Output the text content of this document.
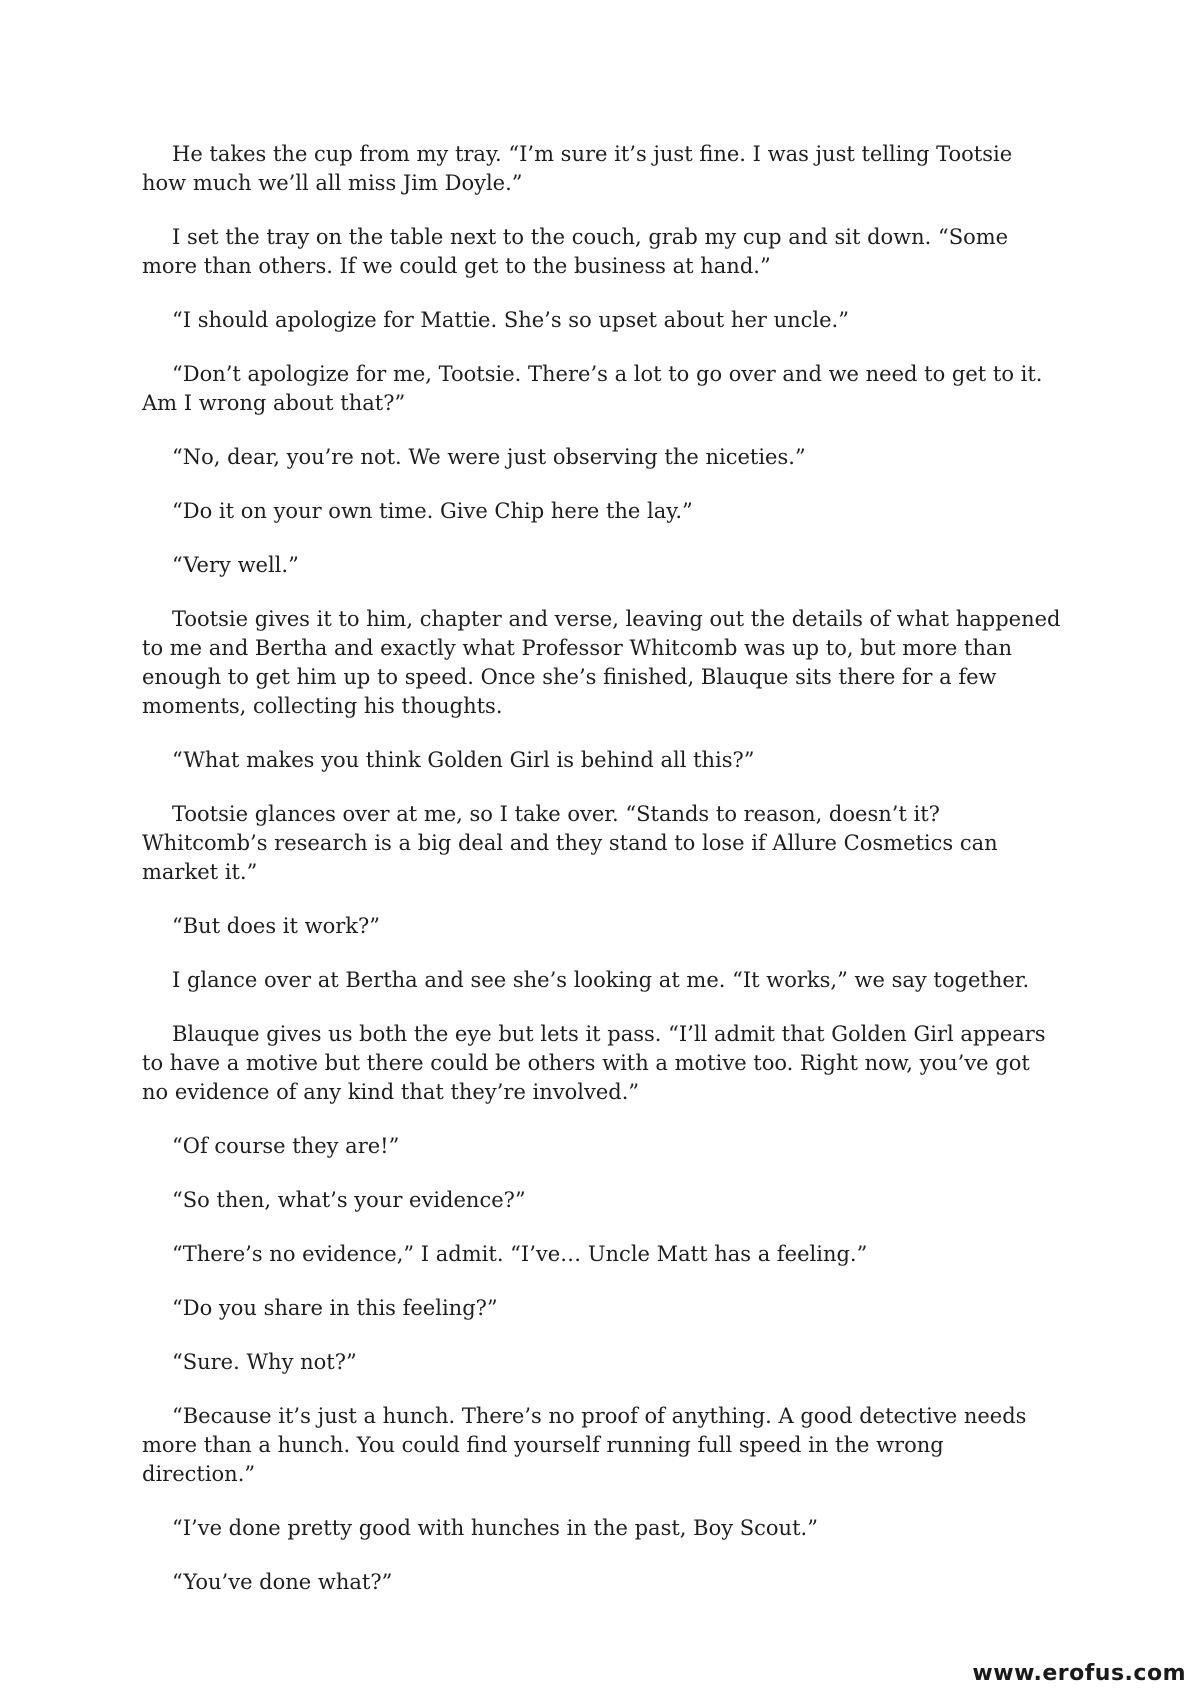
He takes the cup from my tray. “I’m sure it’s just fine. I was just telling Tootsie how much we’ll all miss Jim Doyle.”

I set the tray on the table next to the couch, grab my cup and sit down. “Some more than others. If we could get to the business at hand.”

“I should apologize for Mattie. She’s so upset about her uncle.”

“Don’t apologize for me, Tootsie. There’s a lot to go over and we need to get to it. Am I wrong about that?”

“No, dear, you’re not. We were just observing the niceties.”

“Do it on your own time. Give Chip here the lay.”

“Very well.”

Tootsie gives it to him, chapter and verse, leaving out the details of what happened to me and Bertha and exactly what Professor Whitcomb was up to, but more than enough to get him up to speed. Once she’s finished, Blauque sits there for a few moments, collecting his thoughts.

“What makes you think Golden Girl is behind all this?”

Tootsie glances over at me, so I take over. “Stands to reason, doesn’t it? Whitcomb’s research is a big deal and they stand to lose if Allure Cosmetics can market it.”

“But does it work?”

I glance over at Bertha and see she’s looking at me. “It works,” we say together.

Blauque gives us both the eye but lets it pass. “I’ll admit that Golden Girl appears to have a motive but there could be others with a motive too. Right now, you’ve got no evidence of any kind that they’re involved.”

“Of course they are!”

“So then, what’s your evidence?”

“There’s no evidence,” I admit. “I’ve… Uncle Matt has a feeling.”

“Do you share in this feeling?”

“Sure. Why not?”

“Because it’s just a hunch. There’s no proof of anything. A good detective needs more than a hunch. You could find yourself running full speed in the wrong direction.”

“I’ve done pretty good with hunches in the past, Boy Scout.”

“You’ve done what?”

www.erofus.com
